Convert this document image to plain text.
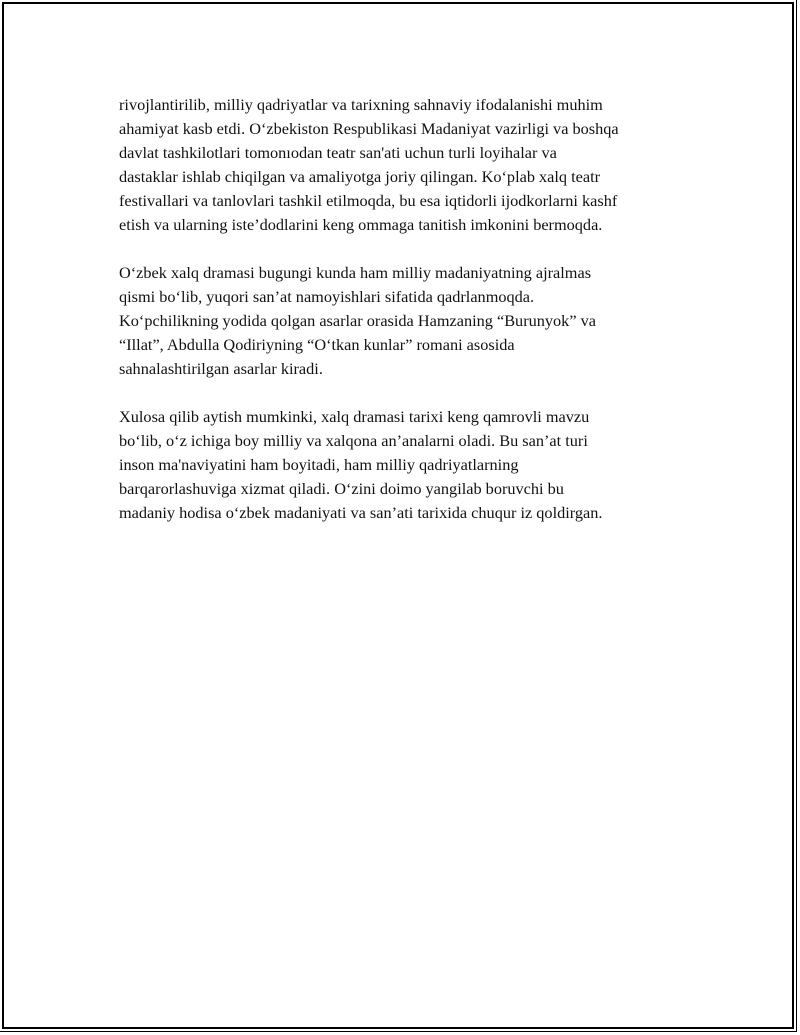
rivojlantirilib, milliy qadriyatlar va tarixning sahnaviy ifodalanishi muhim
ahamiyat kasb etdi. O‘zbekiston Respublikasi Madaniyat vazirligi va boshqa
davlat tashkilotlari tomonıodan teatr san'ati uchun turli loyihalar va
dastaklar ishlab chiqilgan va amaliyotga joriy qilingan. Ko‘plab xalq teatr
festivallari va tanlovlari tashkil etilmoqda, bu esa iqtidorli ijodkorlarni kashf
etish va ularning iste’dodlarini keng ommaga tanitish imkonini bermoqda.
O‘zbek xalq dramasi bugungi kunda ham milliy madaniyatning ajralmas
qismi bo‘lib, yuqori san’at namoyishlari sifatida qadrlanmoqda.
Ko‘pchilikning yodida qolgan asarlar orasida Hamzaning “Burunyok” va
“Illat”, Abdulla Qodiriyning “O‘tkan kunlar” romani asosida
sahnalashtirilgan asarlar kiradi.
Xulosa qilib aytish mumkinki, xalq dramasi tarixi keng qamrovli mavzu
bo‘lib, o‘z ichiga boy milliy va xalqona an’analarni oladi. Bu san’at turi
inson ma'naviyatini ham boyitadi, ham milliy qadriyatlarning
barqarorlashuviga xizmat qiladi. O‘zini doimo yangilab boruvchi bu
madaniy hodisa o‘zbek madaniyati va san’ati tarixida chuqur iz qoldirgan.
